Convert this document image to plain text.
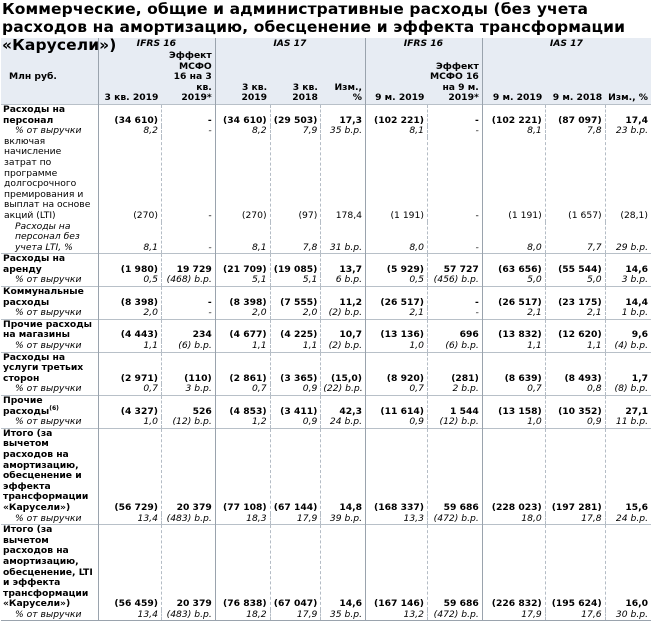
Коммерческие, общие и административные расходы (без учета расходов на амортизацию, обесценение и эффекта трансформации «Карусели»)
		IFRS 16		IAS 17			IFRS 16		IAS 17		
Млн руб.	3 кв. 2019	Эффект МСФО 16 на 3 кв. 2019*	3 кв. 2019	3 кв. 2018	Изм., %	9 м. 2019	Эффект МСФО 16 на 9 м. 2019*	9 м. 2019	9 м. 2018	Изм., %
Расходы на персонал	(34 610)	-	(34 610)	(29 503)	17,3	(102 221)	-	(102 221)	(87 097)	17,4
% от выручки	8,2	-	8,2	7,9	35 b.p.	8,1	-	8,1	7,8	23 b.p.
включая начисление затрат по программе долгосрочного премирования и выплат на основе акций (LTI)	(270)	-	(270)	(97)	178,4	(1 191)	-	(1 191)	(1 657)	(28,1)
Расходы на персонал без учета LTI, %	8,1	-	8,1	7,8	31 b.p.	8,0	-	8,0	7,7	29 b.p.
Расходы на аренду	(1 980)	19 729	(21 709)	(19 085)	13,7	(5 929)	57 727	(63 656)	(55 544)	14,6
% от выручки	0,5	(468) b.p.	5,1	5,1	6 b.p.	0,5	(456) b.p.	5,0	5,0	3 b.p.
Коммунальные расходы	(8 398)	-	(8 398)	(7 555)	11,2	(26 517)	-	(26 517)	(23 175)	14,4
% от выручки	2,0	-	2,0	2,0	(2) b.p.	2,1	-	2,1	2,1	1 b.p.
Прочие расходы на магазины	(4 443)	234	(4 677)	(4 225)	10,7	(13 136)	696	(13 832)	(12 620)	9,6
% от выручки	1,1	(6) b.p.	1,1	1,1	(2) b.p.	1,0	(6) b.p.	1,1	1,1	(4) b.p.
Расходы на услуги третьих сторон	(2 971)	(110)	(2 861)	(3 365)	(15,0)	(8 920)	(281)	(8 639)	(8 493)	1,7
% от выручки	0,7	3 b.p.	0,7	0,9	(22) b.p.	0,7	2 b.p.	0,7	0,8	(8) b.p.
Прочие расходы$^{(6)}$	(4 327)	526	(4 853)	(3 411)	42,3	(11 614)	1 544	(13 158)	(10 352)	27,1
% от выручки	1,0	(12) b.p.	1,2	0,9	24 b.p.	0,9	(12) b.p.	1,0	0,9	11 b.p.
Итого (за вычетом расходов на амортизацию, обесценение и эффекта трансформации «Карусели»)	(56 729)	20 379	(77 108)	(67 144)	14,8	(168 337)	59 686	(228 023)	(197 281)	15,6
% от выручки	13,4	(483) b.p.	18,3	17,9	39 b.p.	13,3	(472) b.p.	18,0	17,8	24 b.p.
Итого (за вычетом расходов на амортизацию, обесценение, LTI и эффекта трансформации «Карусели»)	(56 459)	20 379	(76 838)	(67 047)	14,6	(167 146)	59 686	(226 832)	(195 624)	16,0
% от выручки	13,4	(483) b.p.	18,2	17,9	35 b.p.	13,2	(472) b.p.	17,9	17,6	30 b.p.
